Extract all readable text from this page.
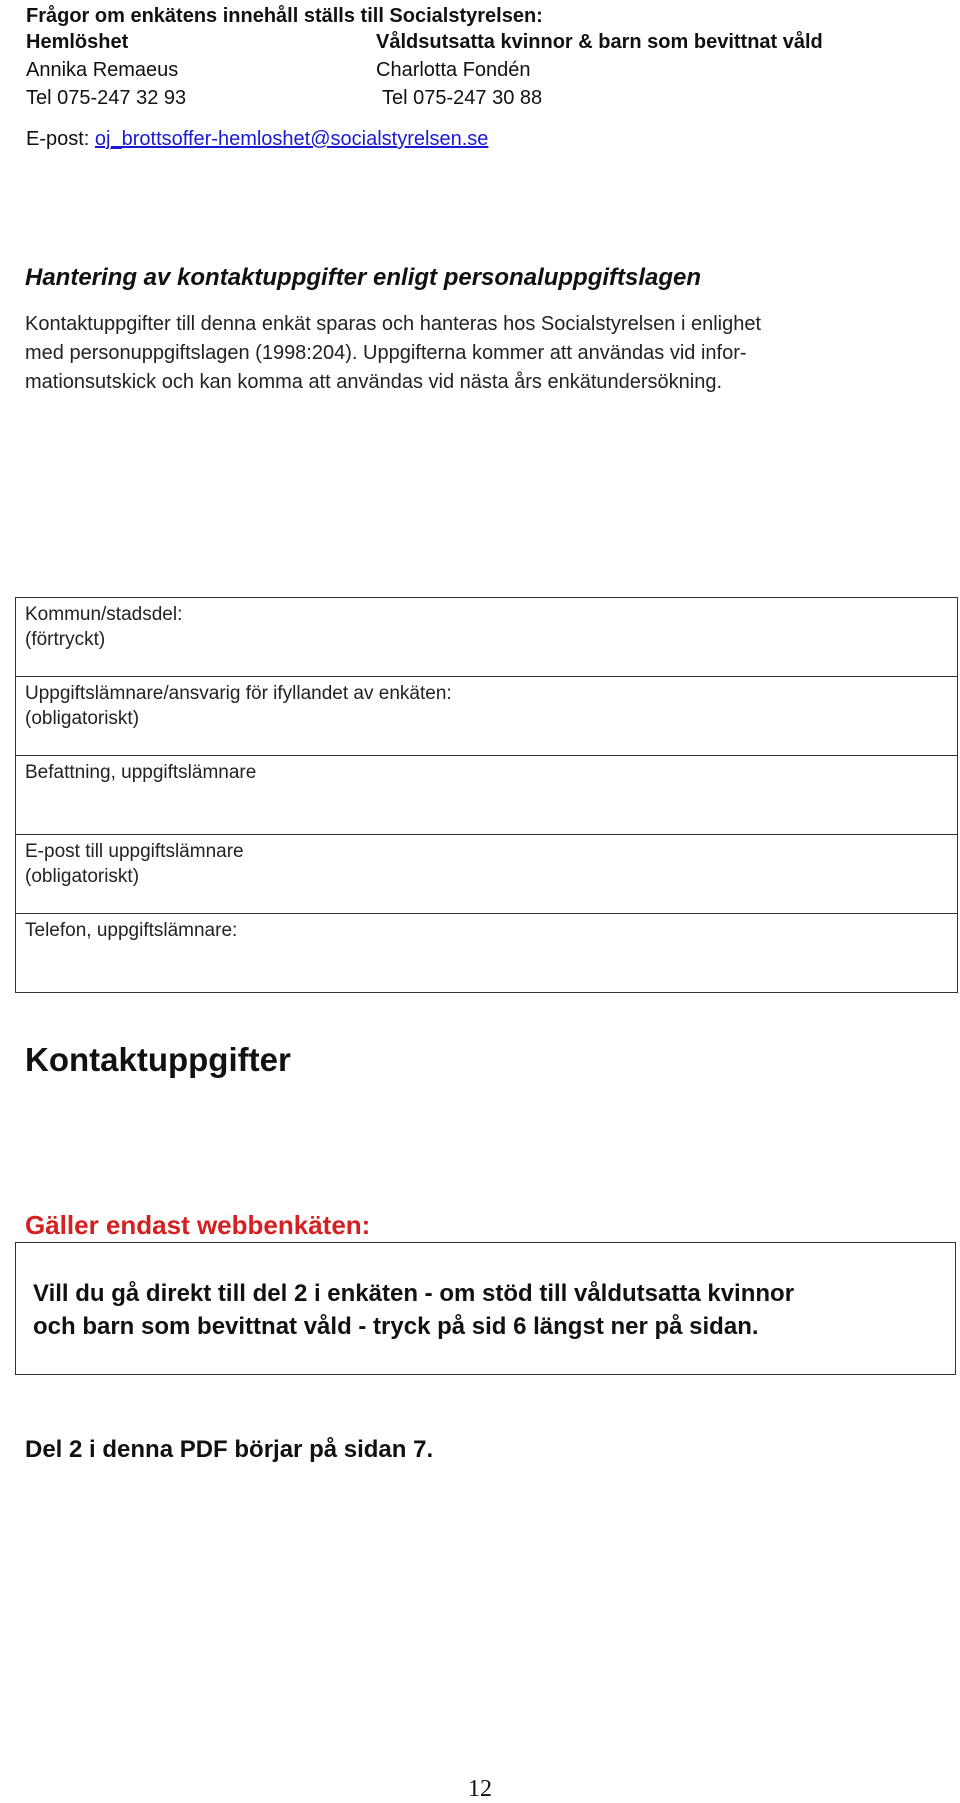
Frågor om enkätens innehåll ställs till Socialstyrelsen:
Hemlöshet	Våldsutsatta kvinnor & barn som bevittnat våld
Annika Remaeus	Charlotta Fondén
Tel 075-247 32 93	Tel 075-247 30 88
E-post: oj_brottsoffer-hemloshet@socialstyrelsen.se
Hantering av kontaktuppgifter enligt personaluppgiftslagen
Kontaktuppgifter till denna enkät sparas och hanteras hos Socialstyrelsen i enlighet
med personuppgiftslagen (1998:204). Uppgifterna kommer att användas vid infor-
mationsutskick och kan komma att användas vid nästa års enkätundersökning.
Kommun/stadsdel:
(förtryckt)

Uppgiftslämnare/ansvarig för ifyllandet av enkäten:
(obligatoriskt)

Befattning, uppgiftslämnare

E-post till uppgiftslämnare
(obligatoriskt)

Telefon, uppgiftslämnare:
Kontaktuppgifter
Gäller endast webbenkäten:
Vill du gå direkt till del 2 i enkäten - om stöd till våldutsatta kvinnor
och barn som bevittnat våld - tryck på sid 6 längst ner på sidan.
Del 2 i denna PDF börjar på sidan 7.
12
